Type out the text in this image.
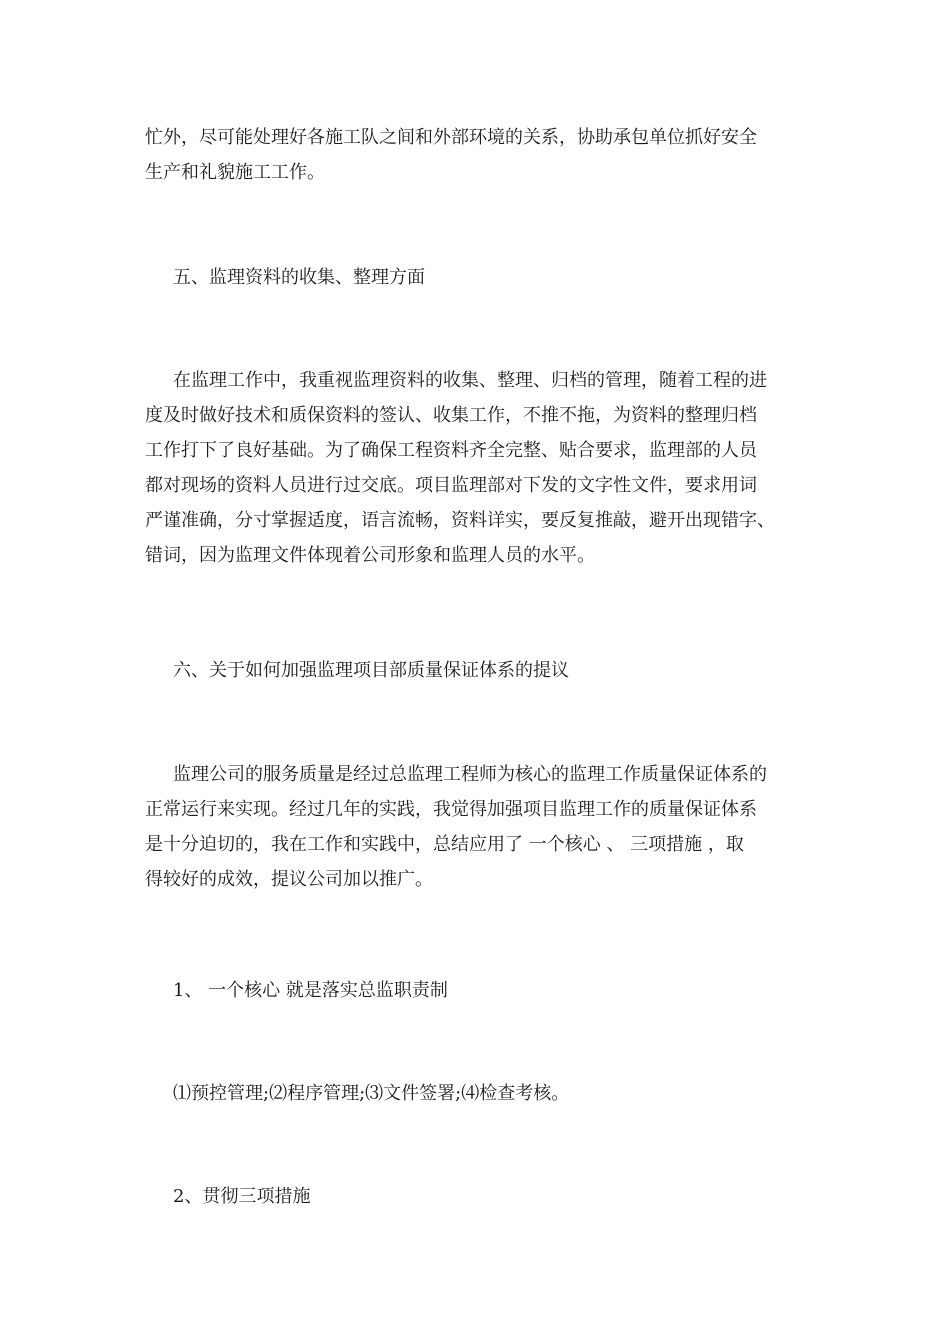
忙外，尽可能处理好各施工队之间和外部环境的关系，协助承包单位抓好安全
生产和礼貌施工工作。

五、监理资料的收集、整理方面

在监理工作中，我重视监理资料的收集、整理、归档的管理，随着工程的进
度及时做好技术和质保资料的签认、收集工作，不推不拖，为资料的整理归档
工作打下了良好基础。为了确保工程资料齐全完整、贴合要求，监理部的人员
都对现场的资料人员进行过交底。项目监理部对下发的文字性文件，要求用词
严谨准确，分寸掌握适度，语言流畅，资料详实，要反复推敲，避开出现错字、
错词，因为监理文件体现着公司形象和监理人员的水平。

六、关于如何加强监理项目部质量保证体系的提议

监理公司的服务质量是经过总监理工程师为核心的监理工作质量保证体系的
正常运行来实现。经过几年的实践，我觉得加强项目监理工作的质量保证体系
是十分迫切的，我在工作和实践中，总结应用了 一个核心 、 三项措施 ，取
得较好的成效，提议公司加以推广。

1、 一个核心 就是落实总监职责制

⑴预控管理;⑵程序管理;⑶文件签署;⑷检查考核。

2、贯彻三项措施
